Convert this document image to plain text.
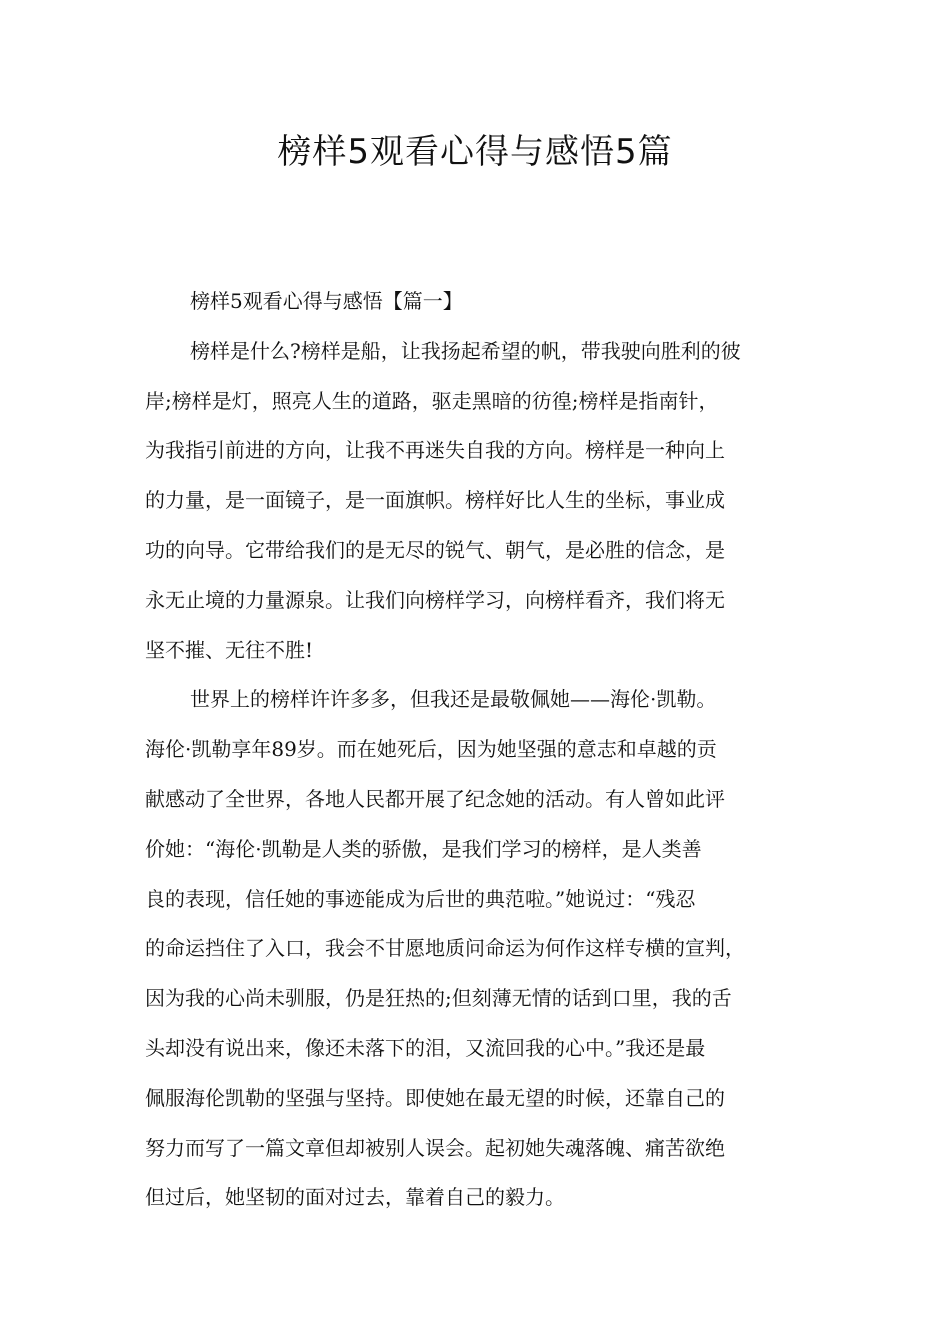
榜样5观看心得与感悟5篇
榜样5观看心得与感悟【篇一】
榜样是什么?榜样是船，让我扬起希望的帆，带我驶向胜利的彼
岸;榜样是灯，照亮人生的道路，驱走黑暗的彷徨;榜样是指南针，
为我指引前进的方向，让我不再迷失自我的方向。榜样是一种向上
的力量，是一面镜子，是一面旗帜。榜样好比人生的坐标，事业成
功的向导。它带给我们的是无尽的锐气、朝气，是必胜的信念，是
永无止境的力量源泉。让我们向榜样学习，向榜样看齐，我们将无
坚不摧、无往不胜!
世界上的榜样许许多多，但我还是最敬佩她——海伦·凯勒。
海伦·凯勒享年89岁。而在她死后，因为她坚强的意志和卓越的贡
献感动了全世界，各地人民都开展了纪念她的活动。有人曾如此评
价她：“海伦·凯勒是人类的骄傲，是我们学习的榜样，是人类善
良的表现，信任她的事迹能成为后世的典范啦。”她说过：“残忍
的命运挡住了入口，我会不甘愿地质问命运为何作这样专横的宣判，
因为我的心尚未驯服，仍是狂热的;但刻薄无情的话到口里，我的舌
头却没有说出来，像还未落下的泪，又流回我的心中。”我还是最
佩服海伦凯勒的坚强与坚持。即使她在最无望的时候，还靠自己的
努力而写了一篇文章但却被别人误会。起初她失魂落魄、痛苦欲绝
但过后，她坚韧的面对过去，靠着自己的毅力。
